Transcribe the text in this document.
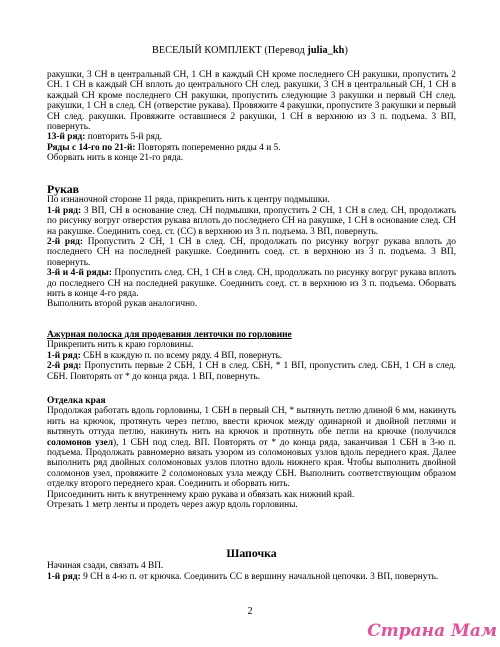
ВЕСЕЛЫЙ КОМПЛЕКТ (Перевод julia_kh)

ракушки, 3 СН в центральный СН, 1 СН в каждый СН кроме последнего СН ракушки, пропустить 2 СН. 1 СН в каждый СН вплоть до центрального СН след. ракушки, 3 СН в центральный СН, 1 СН в каждый СН кроме последнего СН ракушки, пропустить следующие 3 ракушки и первый СН след. ракушки, 1 СН в след. СН (отверстие рукава). Провяжите 4 ракушки, пропустите 3 ракушки и первый СН след. ракушки. Провяжите оставшиеся 2 ракушки, 1 СН в верхнюю из 3 п. подъема. 3 ВП, повернуть.

13-й ряд: повторить 5-й ряд.

Ряды с 14-го по 21-й: Повторять попеременно ряды 4 и 5.

Оборвать нить в конце 21-го ряда.

Рукав

По изнаночной стороне 11 ряда, прикрепить нить к центру подмышки.

1-й ряд: 3 ВП, СН в основание след. СН подмышки, пропустить 2 СН, 1 СН в след. СН, продолжать по рисунку вогруг отверстия рукава вплоть до последнего СН на ракушке, 1 СН в основание след. СН на ракушке. Соединить соед. ст. (СС) в верхнюю из 3 п. подъема. 3 ВП, повернуть.

2-й ряд: Пропустить 2 СН, 1 СН в след. СН, продолжать по рисунку вогруг рукава вплоть до последнего СН на последней ракушке. Соединить соед. ст. в верхнюю из 3 п. подъема. 3 ВП, повернуть.

3-й и 4-й ряды: Пропустить след. СН, 1 СН в след. СН, продолжать по рисунку вогруг рукава вплоть до последнего СН на последней ракушке. Соединить соед. ст. в верхнюю из 3 п. подъема. Оборвать нить в конце 4-го ряда.

Выполнить второй рукав аналогично.

Ажурная полоска для продевания ленточки по горловине

Прикрепить нить к краю горловины.

1-й ряд: СБН в каждую п. по всему ряду. 4 ВП, повернуть.

2-й ряд: Пропустить первые 2 СБН, 1 СН в след. СБН, * 1 ВП, пропустить след. СБН, 1 СН в след. СБН. Повторять от * до конца ряда. 1 ВП, повернуть.

Отделка края

Продолжая работать вдоль горловины, 1 СБН в первый СН, * вытянуть петлю длиной 6 мм, накинуть нить на крючок, протянуть через петлю, ввести крючок между одинарной и двойной петлями и вытянуть оттуда петлю, накинуть нить на крючок и протянуть обе петли на крючке (получился соломонов узел), 1 СБН под след. ВП. Повторять от * до конца ряда, заканчивая 1 СБН в 3-ю п. подъема. Продолжать равномерно вязать узором из соломоновых узлов вдоль переднего края. Далее выполнить ряд двойных соломоновых узлов плотно вдоль нижнего края. Чтобы выполнить двойной соломонов узел, провяжите 2 соломоновых узла между СБН. Выполнить соответствующим образом отделку второго переднего края. Соединить и оборвать нить.

Присоединить нить к внутреннему краю рукава и обвязать как нижний край.

Отрезать 1 метр ленты и продеть через ажур вдоль горловины.

Шапочка

Начиная сзади, связать 4 ВП.

1-й ряд: 9 СН в 4-ю п. от крючка. Соединить СС в вершину начальной цепочки. 3 ВП, повернуть.

2
Страна Мам
